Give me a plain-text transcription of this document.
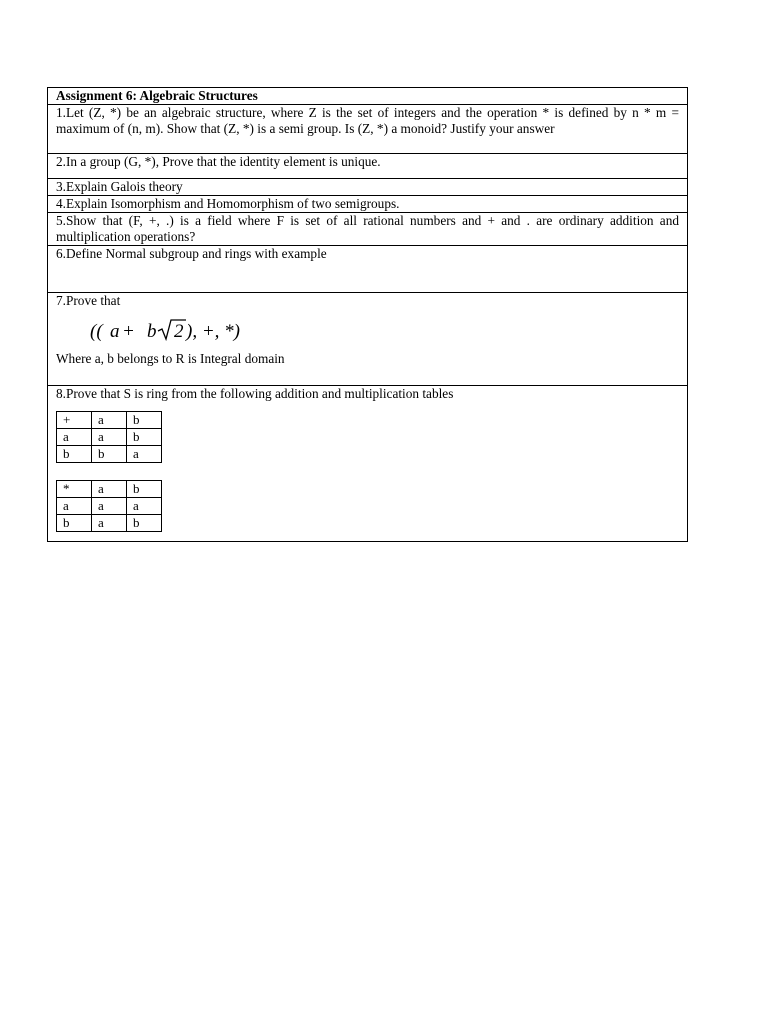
Assignment 6: Algebraic Structures
1.Let (Z, *) be an algebraic structure, where Z is the set of integers and the operation * is defined by n * m = maximum of (n, m). Show that (Z, *) is a semi group. Is (Z, *) a monoid? Justify your answer
2.In a group (G, *), Prove that the identity element is unique.
3.Explain Galois theory
4.Explain Isomorphism and Homomorphism of two semigroups.
5.Show that (F, +, .) is a field where F is set of all rational numbers and + and . are ordinary addition and multiplication operations?
6.Define Normal subgroup and rings with example

7.Prove that
(( a + b 2 ), +, *)
Where a, b belongs to R is Integral domain

8.Prove that S is ring from the following addition and multiplication tables
+	a	b
a	a	b
b	b	a
*	a	b
a	a	a
b	a	b
